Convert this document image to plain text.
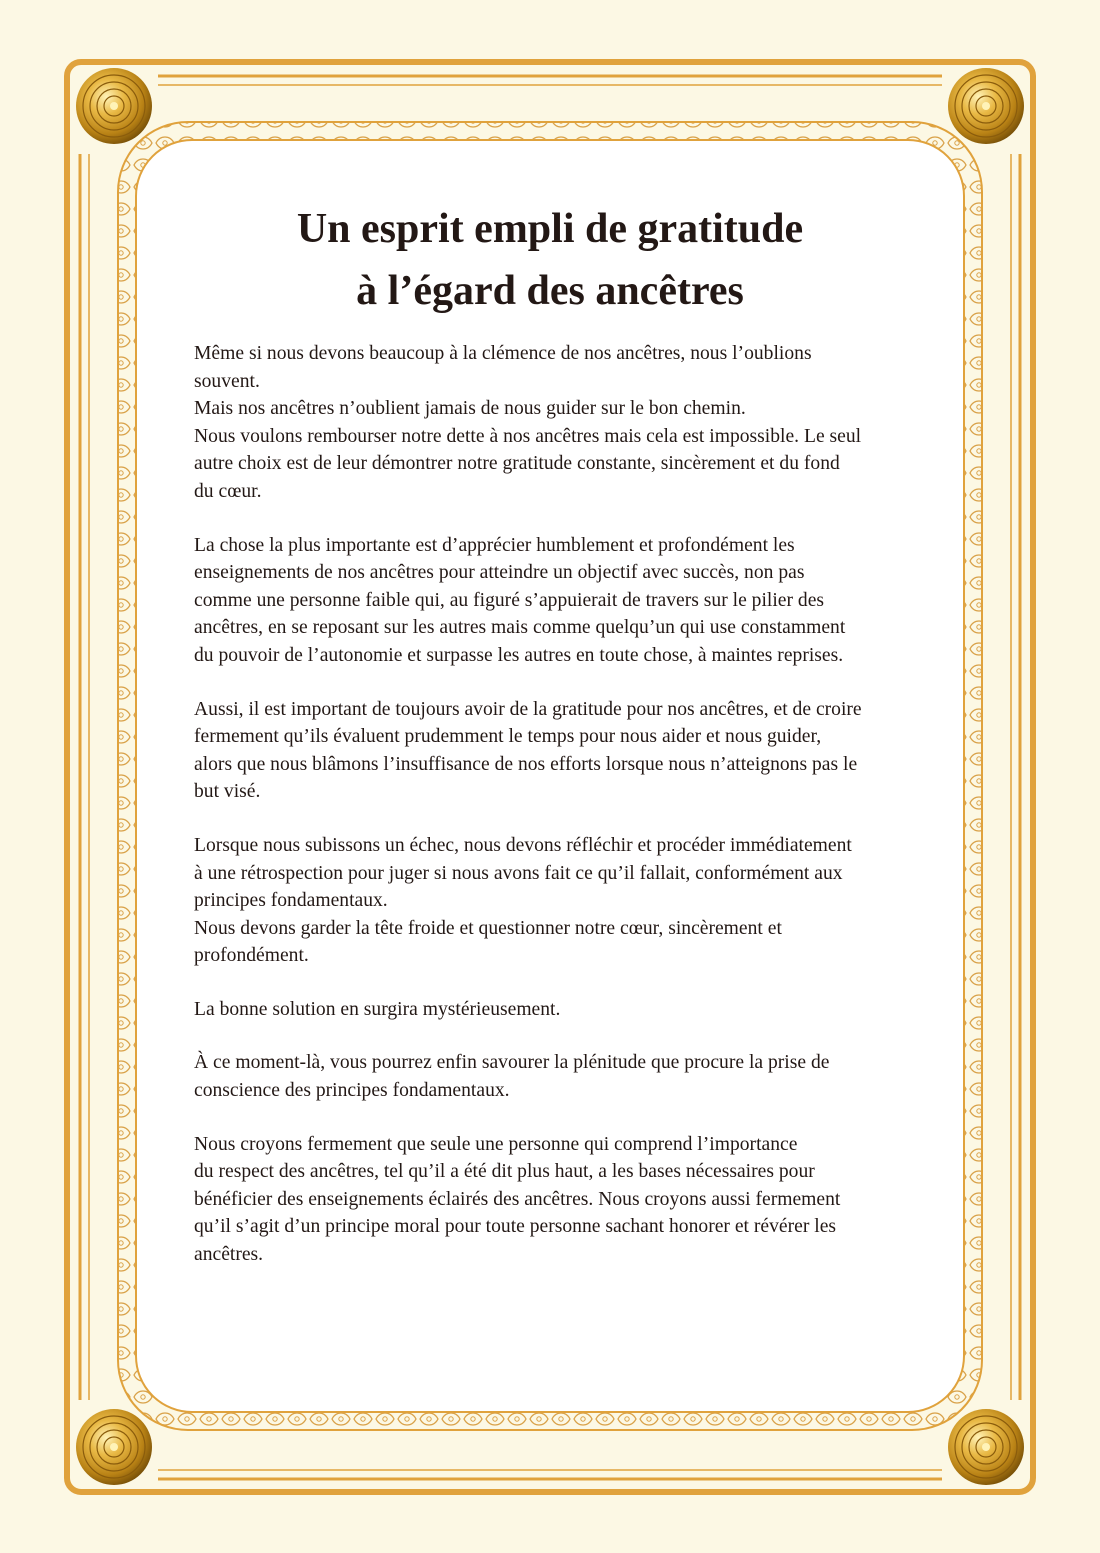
Un esprit empli de gratitude
à l’égard des ancêtres

Même si nous devons beaucoup à la clémence de nos ancêtres, nous l’oublions
souvent.
Mais nos ancêtres n’oublient jamais de nous guider sur le bon chemin.
Nous voulons rembourser notre dette à nos ancêtres mais cela est impossible. Le seul
autre choix est de leur démontrer notre gratitude constante, sincèrement et du fond
du cœur.

La chose la plus importante est d’apprécier humblement et profondément les
enseignements de nos ancêtres pour atteindre un objectif avec succès, non pas
comme une personne faible qui, au figuré s’appuierait de travers sur le pilier des
ancêtres, en se reposant sur les autres mais comme quelqu’un qui use constamment
du pouvoir de l’autonomie et surpasse les autres en toute chose, à maintes reprises.

Aussi, il est important de toujours avoir de la gratitude pour nos ancêtres, et de croire
fermement qu’ils évaluent prudemment le temps pour nous aider et nous guider,
alors que nous blâmons l’insuffisance de nos efforts lorsque nous n’atteignons pas le
but visé.

Lorsque nous subissons un échec, nous devons réfléchir et procéder immédiatement
à une rétrospection pour juger si nous avons fait ce qu’il fallait, conformément aux
principes fondamentaux.
Nous devons garder la tête froide et questionner notre cœur, sincèrement et
profondément.

La bonne solution en surgira mystérieusement.

À ce moment-là, vous pourrez enfin savourer la plénitude que procure la prise de
conscience des principes fondamentaux.

Nous croyons fermement que seule une personne qui comprend l’importance
du respect des ancêtres, tel qu’il a été dit plus haut, a les bases nécessaires pour
bénéficier des enseignements éclairés des ancêtres. Nous croyons aussi fermement
qu’il s’agit d’un principe moral pour toute personne sachant honorer et révérer les
ancêtres.
